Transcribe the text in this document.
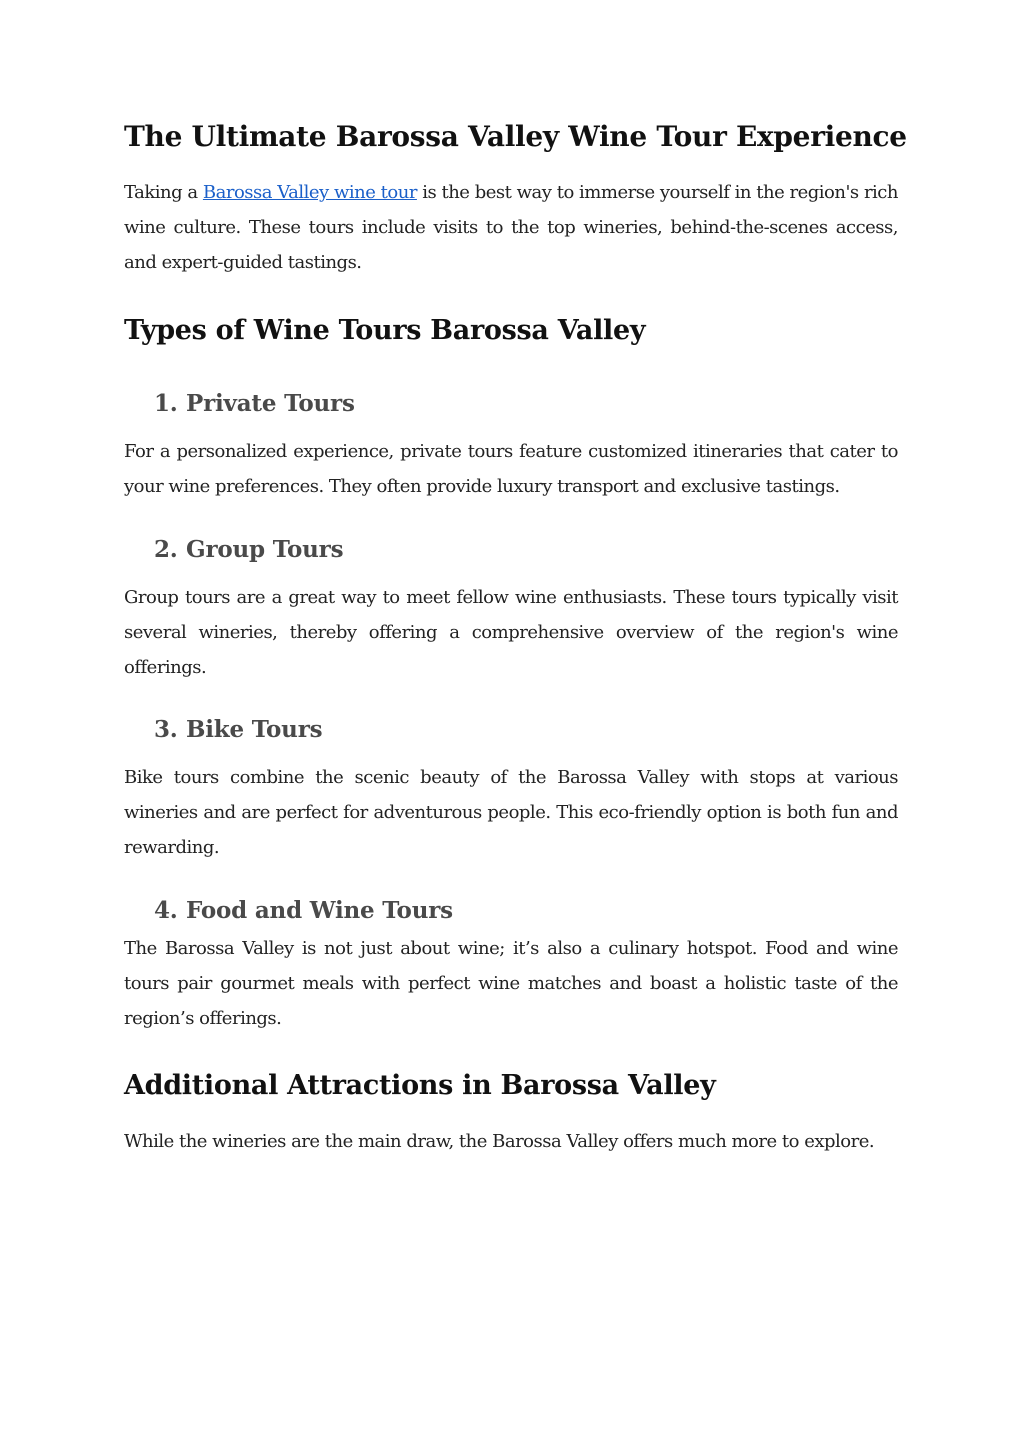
The Ultimate Barossa Valley Wine Tour Experience

Taking a Barossa Valley wine tour is the best way to immerse yourself in the region's rich wine culture. These tours include visits to the top wineries, behind-the-scenes access, and expert-guided tastings.

Types of Wine Tours Barossa Valley
1. Private Tours

For a personalized experience, private tours feature customized itineraries that cater to your wine preferences. They often provide luxury transport and exclusive tastings.

2. Group Tours

Group tours are a great way to meet fellow wine enthusiasts. These tours typically visit several wineries, thereby offering a comprehensive overview of the region's wine offerings.

3. Bike Tours

Bike tours combine the scenic beauty of the Barossa Valley with stops at various wineries and are perfect for adventurous people. This eco-friendly option is both fun and rewarding.

4. Food and Wine Tours

The Barossa Valley is not just about wine; it’s also a culinary hotspot. Food and wine tours pair gourmet meals with perfect wine matches and boast a holistic taste of the region’s offerings.

Additional Attractions in Barossa Valley

While the wineries are the main draw, the Barossa Valley offers much more to explore.
